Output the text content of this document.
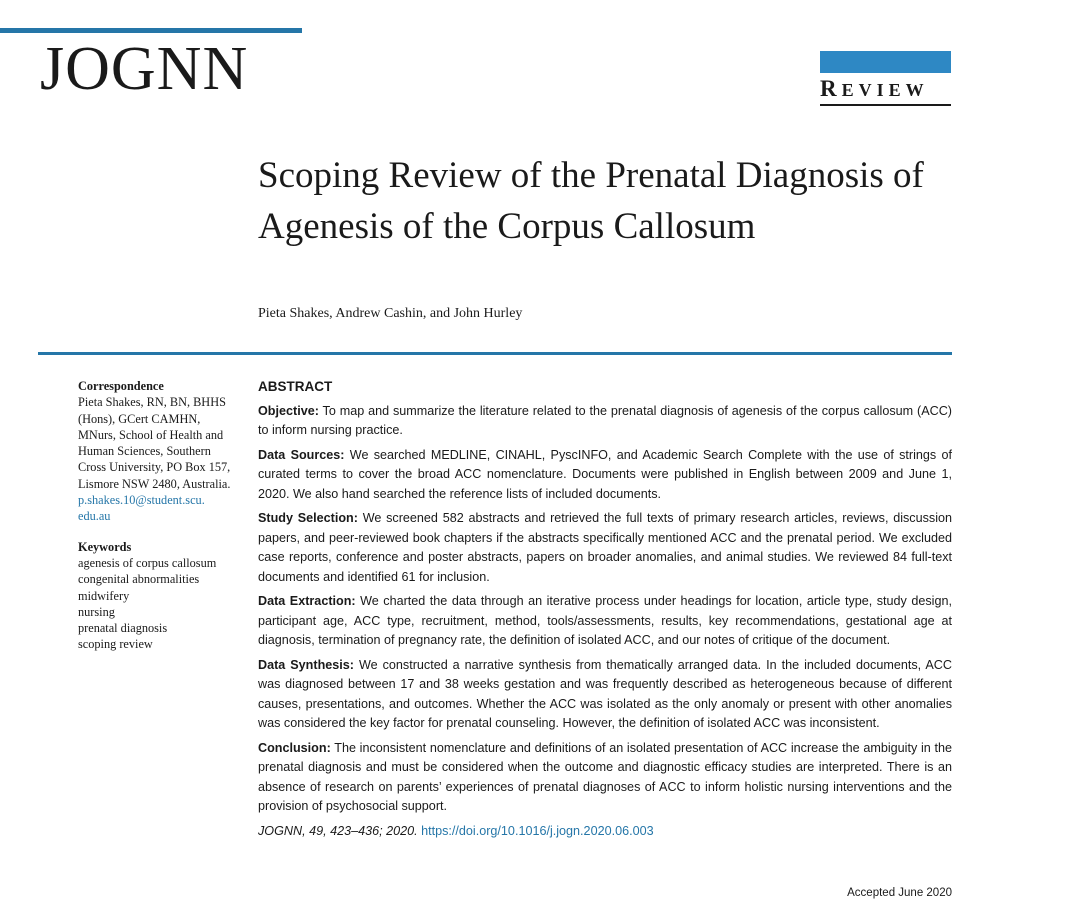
JOGNN	REVIEW
Scoping Review of the Prenatal Diagnosis of Agenesis of the Corpus Callosum
Pieta Shakes, Andrew Cashin, and John Hurley
Correspondence
Pieta Shakes, RN, BN, BHHS (Hons), GCert CAMHN, MNurs, School of Health and Human Sciences, Southern Cross University, PO Box 157, Lismore NSW 2480, Australia.
p.shakes.10@student.scu.
edu.au
Keywords
agenesis of corpus callosum
congenital abnormalities
midwifery
nursing
prenatal diagnosis
scoping review
ABSTRACT

Objective: To map and summarize the literature related to the prenatal diagnosis of agenesis of the corpus callosum (ACC) to inform nursing practice.

Data Sources: We searched MEDLINE, CINAHL, PyscINFO, and Academic Search Complete with the use of strings of curated terms to cover the broad ACC nomenclature. Documents were published in English between 2009 and June 1, 2020. We also hand searched the reference lists of included documents.

Study Selection: We screened 582 abstracts and retrieved the full texts of primary research articles, reviews, discussion papers, and peer-reviewed book chapters if the abstracts specifically mentioned ACC and the prenatal period. We excluded case reports, conference and poster abstracts, papers on broader anomalies, and animal studies. We reviewed 84 full-text documents and identified 61 for inclusion.

Data Extraction: We charted the data through an iterative process under headings for location, article type, study design, participant age, ACC type, recruitment, method, tools/assessments, results, key recommendations, gestational age at diagnosis, termination of pregnancy rate, the definition of isolated ACC, and our notes of critique of the document.

Data Synthesis: We constructed a narrative synthesis from thematically arranged data. In the included documents, ACC was diagnosed between 17 and 38 weeks gestation and was frequently described as heterogeneous because of different causes, presentations, and outcomes. Whether the ACC was isolated as the only anomaly or present with other anomalies was considered the key factor for prenatal counseling. However, the definition of isolated ACC was inconsistent.

Conclusion: The inconsistent nomenclature and definitions of an isolated presentation of ACC increase the ambiguity in the prenatal diagnosis and must be considered when the outcome and diagnostic efficacy studies are interpreted. There is an absence of research on parents’ experiences of prenatal diagnoses of ACC to inform holistic nursing interventions and the provision of psychosocial support.

JOGNN, 49, 423–436; 2020. https://doi.org/10.1016/j.jogn.2020.06.003

Accepted June 2020
